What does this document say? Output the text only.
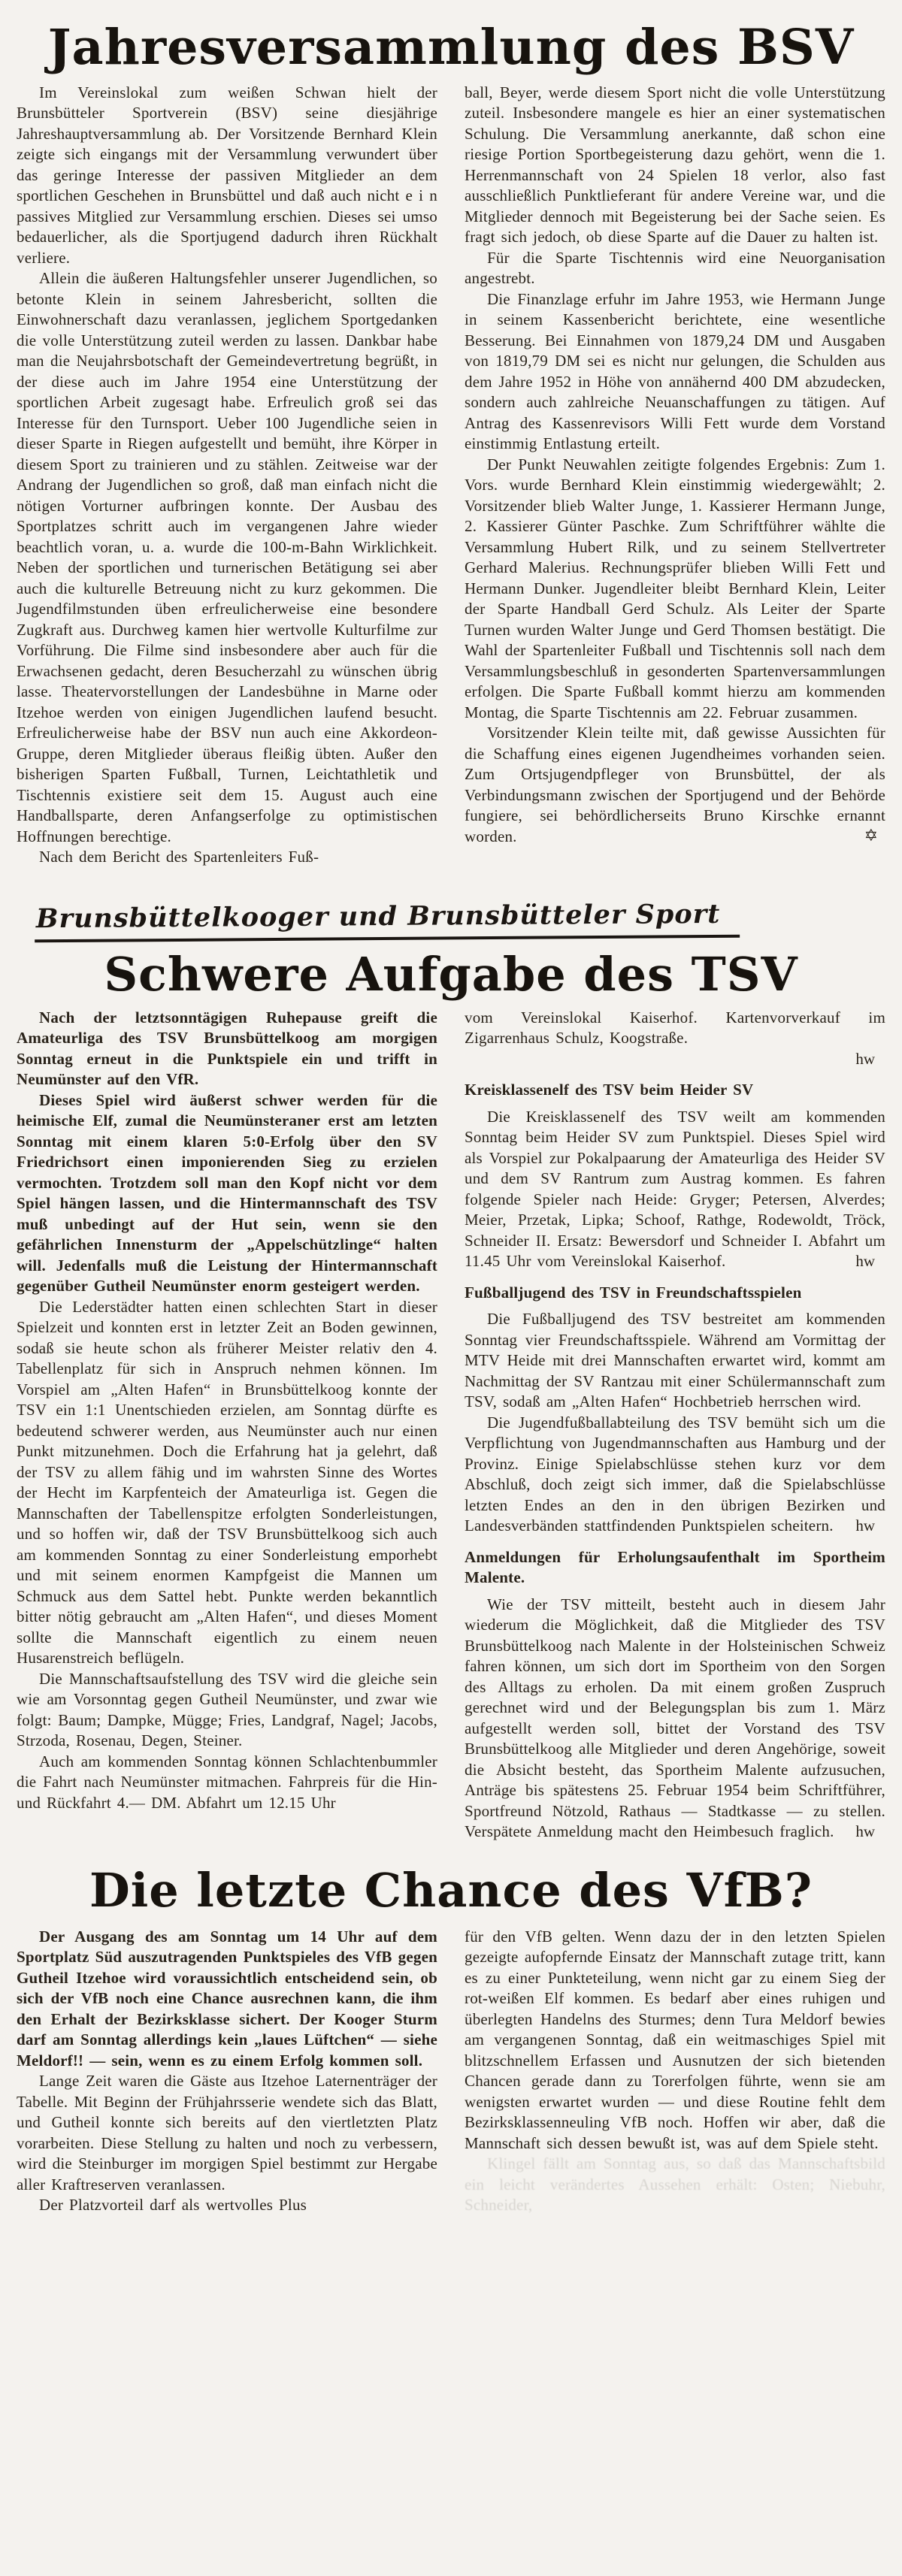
Jahresversammlung des BSV

Im Vereinslokal zum weißen Schwan hielt der Brunsbütteler Sportverein (BSV) seine diesjährige Jahreshauptversammlung ab. Der Vorsitzende Bernhard Klein zeigte sich eingangs mit der Versammlung verwundert über das geringe Interesse der passiven Mitglieder an dem sportlichen Geschehen in Brunsbüttel und daß auch nicht e i n passives Mitglied zur Versammlung erschien. Dieses sei umso bedauerlicher, als die Sportjugend dadurch ihren Rückhalt verliere.

Allein die äußeren Haltungsfehler unserer Jugendlichen, so betonte Klein in seinem Jahresbericht, sollten die Einwohnerschaft dazu veranlassen, jeglichem Sportgedanken die volle Unterstützung zuteil werden zu lassen. Dankbar habe man die Neujahrsbotschaft der Gemeindevertretung begrüßt, in der diese auch im Jahre 1954 eine Unterstützung der sportlichen Arbeit zugesagt habe. Erfreulich groß sei das Interesse für den Turnsport. Ueber 100 Jugendliche seien in dieser Sparte in Riegen aufgestellt und bemüht, ihre Körper in diesem Sport zu trainieren und zu stählen. Zeitweise war der Andrang der Jugendlichen so groß, daß man einfach nicht die nötigen Vorturner aufbringen konnte. Der Ausbau des Sportplatzes schritt auch im vergangenen Jahre wieder beachtlich voran, u. a. wurde die 100-m-Bahn Wirklichkeit. Neben der sportlichen und turnerischen Betätigung sei aber auch die kulturelle Betreuung nicht zu kurz gekommen. Die Jugendfilmstunden üben erfreulicherweise eine besondere Zugkraft aus. Durchweg kamen hier wertvolle Kulturfilme zur Vorführung. Die Filme sind insbesondere aber auch für die Erwachsenen gedacht, deren Besucherzahl zu wünschen übrig lasse. Theatervorstellungen der Landesbühne in Marne oder Itzehoe werden von einigen Jugendlichen laufend besucht. Erfreulicherweise habe der BSV nun auch eine Akkordeon-Gruppe, deren Mitglieder überaus fleißig übten. Außer den bisherigen Sparten Fußball, Turnen, Leichtathletik und Tischtennis existiere seit dem 15. August auch eine Handballsparte, deren Anfangserfolge zu optimistischen Hoffnungen berechtige.

Nach dem Bericht des Spartenleiters Fuß-

ball, Beyer, werde diesem Sport nicht die volle Unterstützung zuteil. Insbesondere mangele es hier an einer systematischen Schulung. Die Versammlung anerkannte, daß schon eine riesige Portion Sportbegeisterung dazu gehört, wenn die 1. Herrenmannschaft von 24 Spielen 18 verlor, also fast ausschließlich Punktlieferant für andere Vereine war, und die Mitglieder dennoch mit Begeisterung bei der Sache seien. Es fragt sich jedoch, ob diese Sparte auf die Dauer zu halten ist.

Für die Sparte Tischtennis wird eine Neuorganisation angestrebt.

Die Finanzlage erfuhr im Jahre 1953, wie Hermann Junge in seinem Kassenbericht berichtete, eine wesentliche Besserung. Bei Einnahmen von 1879,24 DM und Ausgaben von 1819,79 DM sei es nicht nur gelungen, die Schulden aus dem Jahre 1952 in Höhe von annähernd 400 DM abzudecken, sondern auch zahlreiche Neuanschaffungen zu tätigen. Auf Antrag des Kassenrevisors Willi Fett wurde dem Vorstand einstimmig Entlastung erteilt.

Der Punkt Neuwahlen zeitigte folgendes Ergebnis: Zum 1. Vors. wurde Bernhard Klein einstimmig wiedergewählt; 2. Vorsitzender blieb Walter Junge, 1. Kassierer Hermann Junge, 2. Kassierer Günter Paschke. Zum Schriftführer wählte die Versammlung Hubert Rilk, und zu seinem Stellvertreter Gerhard Malerius. Rechnungsprüfer blieben Willi Fett und Hermann Dunker. Jugendleiter bleibt Bernhard Klein, Leiter der Sparte Handball Gerd Schulz. Als Leiter der Sparte Turnen wurden Walter Junge und Gerd Thomsen bestätigt. Die Wahl der Spartenleiter Fußball und Tischtennis soll nach dem Versammlungsbeschluß in gesonderten Spartenversammlungen erfolgen. Die Sparte Fußball kommt hierzu am kommenden Montag, die Sparte Tischtennis am 22. Februar zusammen.

Vorsitzender Klein teilte mit, daß gewisse Aussichten für die Schaffung eines eigenen Jugendheimes vorhanden seien. Zum Ortsjugendpfleger von Brunsbüttel, der als Verbindungsmann zwischen der Sportjugend und der Behörde fungiere, sei behördlicherseits Bruno Kirschke ernannt worden.	✡
Brunsbüttelkooger und Brunsbütteler Sport
Schwere Aufgabe des TSV

Nach der letztsonntägigen Ruhepause greift die Amateurliga des TSV Brunsbüttelkoog am morgigen Sonntag erneut in die Punktspiele ein und trifft in Neumünster auf den VfR.

Dieses Spiel wird äußerst schwer werden für die heimische Elf, zumal die Neumünsteraner erst am letzten Sonntag mit einem klaren 5:0-Erfolg über den SV Friedrichsort einen imponierenden Sieg zu erzielen vermochten. Trotzdem soll man den Kopf nicht vor dem Spiel hängen lassen, und die Hintermannschaft des TSV muß unbedingt auf der Hut sein, wenn sie den gefährlichen Innensturm der „Appelschützlinge“ halten will. Jedenfalls muß die Leistung der Hintermannschaft gegenüber Gutheil Neumünster enorm gesteigert werden.

Die Lederstädter hatten einen schlechten Start in dieser Spielzeit und konnten erst in letzter Zeit an Boden gewinnen, sodaß sie heute schon als früherer Meister relativ den 4. Tabellenplatz für sich in Anspruch nehmen können. Im Vorspiel am „Alten Hafen“ in Brunsbüttelkoog konnte der TSV ein 1:1 Unentschieden erzielen, am Sonntag dürfte es bedeutend schwerer werden, aus Neumünster auch nur einen Punkt mitzunehmen. Doch die Erfahrung hat ja gelehrt, daß der TSV zu allem fähig und im wahrsten Sinne des Wortes der Hecht im Karpfenteich der Amateurliga ist. Gegen die Mannschaften der Tabellenspitze erfolgten Sonderleistungen, und so hoffen wir, daß der TSV Brunsbüttelkoog sich auch am kommenden Sonntag zu einer Sonderleistung emporhebt und mit seinem enormen Kampfgeist die Mannen um Schmuck aus dem Sattel hebt. Punkte werden bekanntlich bitter nötig gebraucht am „Alten Hafen“, und dieses Moment sollte die Mannschaft eigentlich zu einem neuen Husarenstreich beflügeln.

Die Mannschaftsaufstellung des TSV wird die gleiche sein wie am Vorsonntag gegen Gutheil Neumünster, und zwar wie folgt: Baum; Dampke, Mügge; Fries, Landgraf, Nagel; Jacobs, Strzoda, Rosenau, Degen, Steiner.

Auch am kommenden Sonntag können Schlachtenbummler die Fahrt nach Neumünster mitmachen. Fahrpreis für die Hin- und Rückfahrt 4.— DM. Abfahrt um 12.15 Uhr

vom Vereinslokal Kaiserhof. Kartenvorverkauf im Zigarrenhaus Schulz, Koogstraße.

hw

Kreisklassenelf des TSV beim Heider SV

Die Kreisklassenelf des TSV weilt am kommenden Sonntag beim Heider SV zum Punktspiel. Dieses Spiel wird als Vorspiel zur Pokalpaarung der Amateurliga des Heider SV und dem SV Rantrum zum Austrag kommen. Es fahren folgende Spieler nach Heide: Gryger; Petersen, Alverdes; Meier, Przetak, Lipka; Schoof, Rathge, Rodewoldt, Tröck, Schneider II. Ersatz: Bewersdorf und Schneider I. Abfahrt um 11.45 Uhr vom Vereinslokal Kaiserhof.	hw

Fußballjugend des TSV in Freundschaftsspielen

Die Fußballjugend des TSV bestreitet am kommenden Sonntag vier Freundschaftsspiele. Während am Vormittag der MTV Heide mit drei Mannschaften erwartet wird, kommt am Nachmittag der SV Rantzau mit einer Schülermannschaft zum TSV, sodaß am „Alten Hafen“ Hochbetrieb herrschen wird.

Die Jugendfußballabteilung des TSV bemüht sich um die Verpflichtung von Jugendmannschaften aus Hamburg und der Provinz. Einige Spielabschlüsse stehen kurz vor dem Abschluß, doch zeigt sich immer, daß die Spielabschlüsse letzten Endes an den in den übrigen Bezirken und Landesverbänden stattfindenden Punktspielen scheitern.	hw

Anmeldungen für Erholungsaufenthalt im Sportheim Malente.

Wie der TSV mitteilt, besteht auch in diesem Jahr wiederum die Möglichkeit, daß die Mitglieder des TSV Brunsbüttelkoog nach Malente in der Holsteinischen Schweiz fahren können, um sich dort im Sportheim von den Sorgen des Alltags zu erholen. Da mit einem großen Zuspruch gerechnet wird und der Belegungsplan bis zum 1. März aufgestellt werden soll, bittet der Vorstand des TSV Brunsbüttelkoog alle Mitglieder und deren Angehörige, soweit die Absicht besteht, das Sportheim Malente aufzusuchen, Anträge bis spätestens 25. Februar 1954 beim Schriftführer, Sportfreund Nötzold, Rathaus — Stadtkasse — zu stellen. Verspätete Anmeldung macht den Heimbesuch fraglich.	hw
Die letzte Chance des VfB?

Der Ausgang des am Sonntag um 14 Uhr auf dem Sportplatz Süd auszutragenden Punktspieles des VfB gegen Gutheil Itzehoe wird voraussichtlich entscheidend sein, ob sich der VfB noch eine Chance ausrechnen kann, die ihm den Erhalt der Bezirksklasse sichert. Der Kooger Sturm darf am Sonntag allerdings kein „laues Lüftchen“ — siehe Meldorf!! — sein, wenn es zu einem Erfolg kommen soll.

Lange Zeit waren die Gäste aus Itzehoe Laternenträger der Tabelle. Mit Beginn der Frühjahrsserie wendete sich das Blatt, und Gutheil konnte sich bereits auf den viertletzten Platz vorarbeiten. Diese Stellung zu halten und noch zu verbessern, wird die Steinburger im morgigen Spiel bestimmt zur Hergabe aller Kraftreserven veranlassen.

Der Platzvorteil darf als wertvolles Plus

für den VfB gelten. Wenn dazu der in den letzten Spielen gezeigte aufopfernde Einsatz der Mannschaft zutage tritt, kann es zu einer Punkteteilung, wenn nicht gar zu einem Sieg der rot-weißen Elf kommen. Es bedarf aber eines ruhigen und überlegten Handelns des Sturmes; denn Tura Meldorf bewies am vergangenen Sonntag, daß ein weitmaschiges Spiel mit blitzschnellem Erfassen und Ausnutzen der sich bietenden Chancen gerade dann zu Torerfolgen führte, wenn sie am wenigsten erwartet wurden — und diese Routine fehlt dem Bezirksklassenneuling VfB noch. Hoffen wir aber, daß die Mannschaft sich dessen bewußt ist, was auf dem Spiele steht.

Klingel fällt am Sonntag aus, so daß das Mannschaftsbild ein leicht verändertes Aussehen erhält: Osten; Niebuhr, Schneider,
